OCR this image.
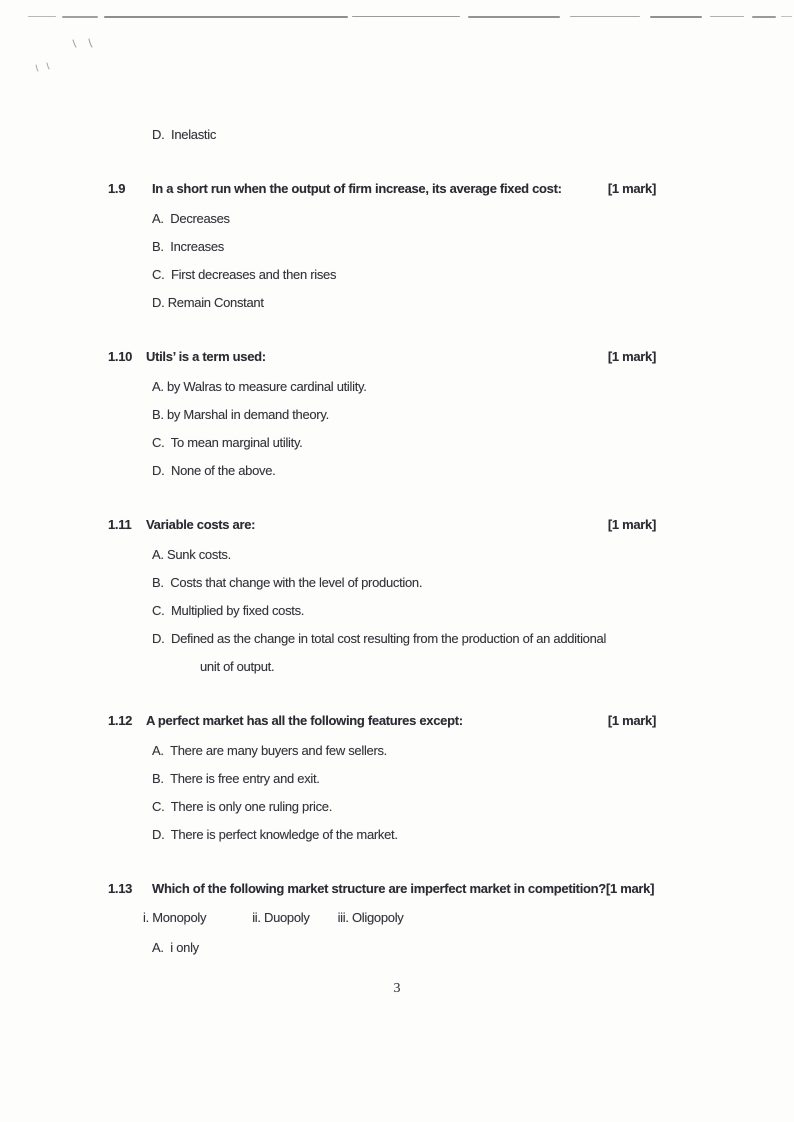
D.  Inelastic
1.9	In a short run when the output of firm increase, its average fixed cost:	[1 mark]
A.  Decreases
B.  Increases
C.  First decreases and then rises
D. Remain Constant
1.10	Utils’ is a term used:	[1 mark]
A. by Walras to measure cardinal utility.
B. by Marshal in demand theory.
C.  To mean marginal utility.
D.  None of the above.
1.11	Variable costs are:	[1 mark]
A. Sunk costs.
B.  Costs that change with the level of production.
C.  Multiplied by fixed costs.
D.  Defined as the change in total cost resulting from the production of an additional
unit of output.
1.12	A perfect market has all the following features except:	[1 mark]
A.  There are many buyers and few sellers.
B.  There is free entry and exit.
C.  There is only one ruling price.
D.  There is perfect knowledge of the market.
1.13	Which of the following market structure are imperfect market in competition? [1 mark]
i. Monopoly	ii. Duopoly iii. Oligopoly
A.  i only
3
